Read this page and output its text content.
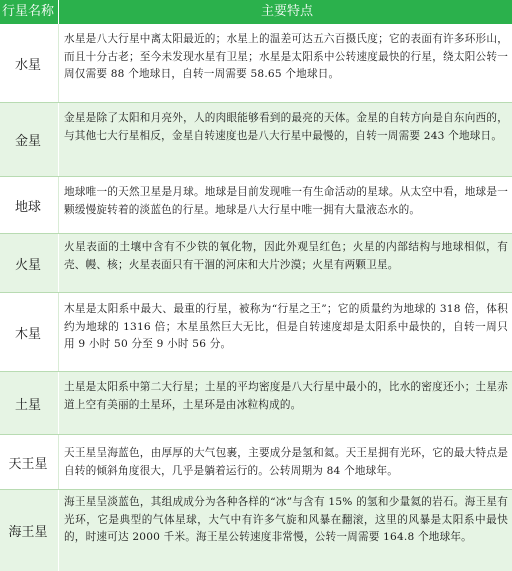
行星名称	主要特点
水星
水星是八大行星中离太阳最近的；水星上的温差可达五六百摄氏度；它的表面有许多环形山，而且十分古老；至今未发现水星有卫星；水星是太阳系中公转速度最快的行星，绕太阳公转一周仅需要 88 个地球日，自转一周需要 58.65 个地球日。
金星
金星是除了太阳和月亮外，人的肉眼能够看到的最亮的天体。金星的自转方向是自东向西的，与其他七大行星相反，金星自转速度也是八大行星中最慢的，自转一周需要 243 个地球日。
地球
地球唯一的天然卫星是月球。地球是目前发现唯一有生命活动的星球。从太空中看，地球是一颗缓慢旋转着的淡蓝色的行星。地球是八大行星中唯一拥有大量液态水的。
火星
火星表面的土壤中含有不少铁的氧化物，因此外观呈红色；火星的内部结构与地球相似，有壳、幔、核；火星表面只有干涸的河床和大片沙漠；火星有两颗卫星。
木星
木星是太阳系中最大、最重的行星，被称为“行星之王”；它的质量约为地球的 318 倍，体积约为地球的 1316 倍；木星虽然巨大无比，但是自转速度却是太阳系中最快的，自转一周只用 9 小时 50 分至 9 小时 56 分。
土星
土星是太阳系中第二大行星；土星的平均密度是八大行星中最小的，比水的密度还小；土星赤道上空有美丽的土星环，土星环是由冰粒构成的。
天王星
天王星呈海蓝色，由厚厚的大气包裹，主要成分是氢和氦。天王星拥有光环，它的最大特点是自转的倾斜角度很大，几乎是躺着运行的。公转周期为 84 个地球年。
海王星
海王星呈淡蓝色，其组成成分为各种各样的“冰”与含有 15% 的氢和少量氦的岩石。海王星有光环，它是典型的气体星球，大气中有许多气旋和风暴在翻滚，这里的风暴是太阳系中最快的，时速可达 2000 千米。海王星公转速度非常慢，公转一周需要 164.8 个地球年。
